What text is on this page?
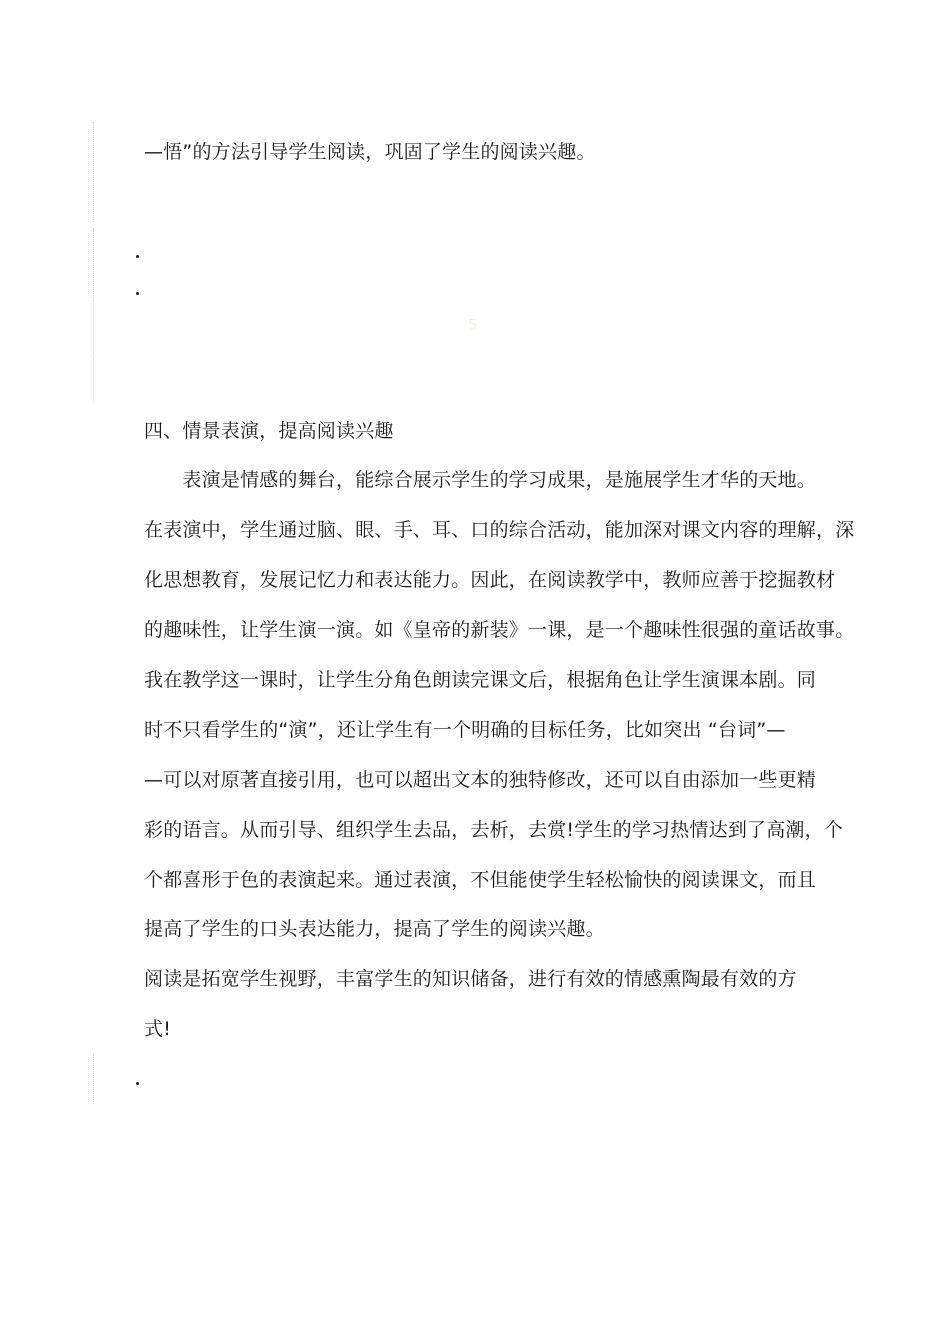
—悟”的方法引导学生阅读，巩固了学生的阅读兴趣。
5
四、情景表演，提高阅读兴趣
　　表演是情感的舞台，能综合展示学生的学习成果，是施展学生才华的天地。
在表演中，学生通过脑、眼、手、耳、口的综合活动，能加深对课文内容的理解，深
化思想教育，发展记忆力和表达能力。因此，在阅读教学中，教师应善于挖掘教材
的趣味性，让学生演一演。如《皇帝的新装》一课，是一个趣味性很强的童话故事。
我在教学这一课时，让学生分角色朗读完课文后，根据角色让学生演课本剧。同
时不只看学生的“演”，还让学生有一个明确的目标任务，比如突出 “台词”—
—可以对原著直接引用，也可以超出文本的独特修改，还可以自由添加一些更精
彩的语言。从而引导、组织学生去品，去析，去赏!学生的学习热情达到了高潮，个
个都喜形于色的表演起来。通过表演，不但能使学生轻松愉快的阅读课文，而且
提高了学生的口头表达能力，提高了学生的阅读兴趣。
阅读是拓宽学生视野，丰富学生的知识储备，进行有效的情感熏陶最有效的方
式!
